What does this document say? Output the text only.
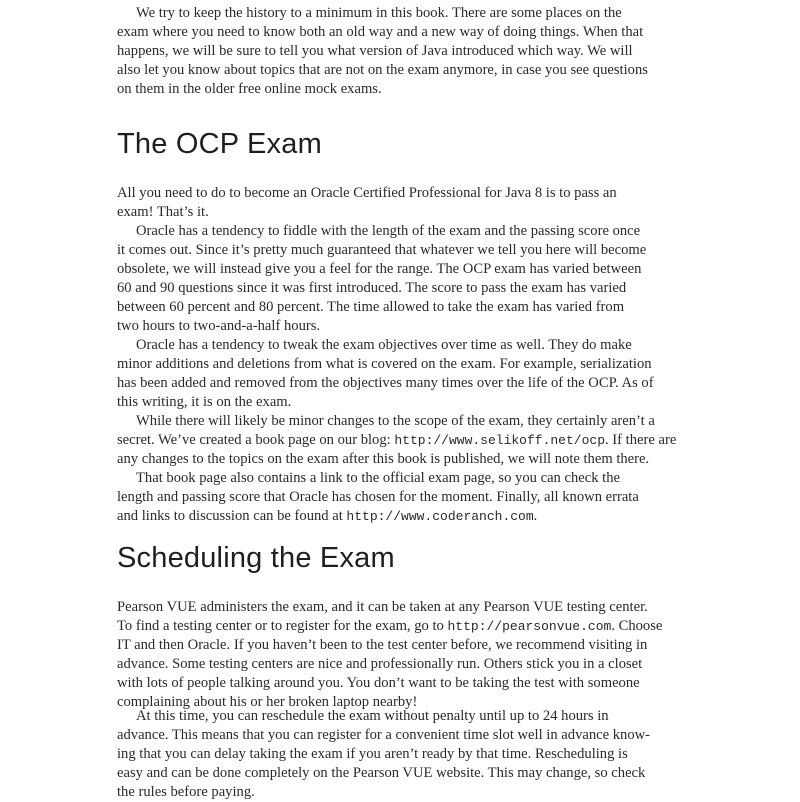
We try to keep the history to a minimum in this book. There are some places on the
exam where you need to know both an old way and a new way of doing things. When that
happens, we will be sure to tell you what version of Java introduced which way. We will
also let you know about topics that are not on the exam anymore, in case you see questions
on them in the older free online mock exams.
The OCP Exam
All you need to do to become an Oracle Certified Professional for Java 8 is to pass an
exam! That’s it.
Oracle has a tendency to fiddle with the length of the exam and the passing score once
it comes out. Since it’s pretty much guaranteed that whatever we tell you here will become
obsolete, we will instead give you a feel for the range. The OCP exam has varied between
60 and 90 questions since it was first introduced. The score to pass the exam has varied
between 60 percent and 80 percent. The time allowed to take the exam has varied from
two hours to two-and-a-half hours.
Oracle has a tendency to tweak the exam objectives over time as well. They do make
minor additions and deletions from what is covered on the exam. For example, serialization
has been added and removed from the objectives many times over the life of the OCP. As of
this writing, it is on the exam.
While there will likely be minor changes to the scope of the exam, they certainly aren’t a
secret. We’ve created a book page on our blog: http://www.selikoff.net/ocp. If there are
any changes to the topics on the exam after this book is published, we will note them there.
That book page also contains a link to the official exam page, so you can check the
length and passing score that Oracle has chosen for the moment. Finally, all known errata
and links to discussion can be found at http://www.coderanch.com.
Scheduling the Exam
Pearson VUE administers the exam, and it can be taken at any Pearson VUE testing center.
To find a testing center or to register for the exam, go to http://pearsonvue.com. Choose
IT and then Oracle. If you haven’t been to the test center before, we recommend visiting in
advance. Some testing centers are nice and professionally run. Others stick you in a closet
with lots of people talking around you. You don’t want to be taking the test with someone
complaining about his or her broken laptop nearby!
At this time, you can reschedule the exam without penalty until up to 24 hours in
advance. This means that you can register for a convenient time slot well in advance know-
ing that you can delay taking the exam if you aren’t ready by that time. Rescheduling is
easy and can be done completely on the Pearson VUE website. This may change, so check
the rules before paying.
